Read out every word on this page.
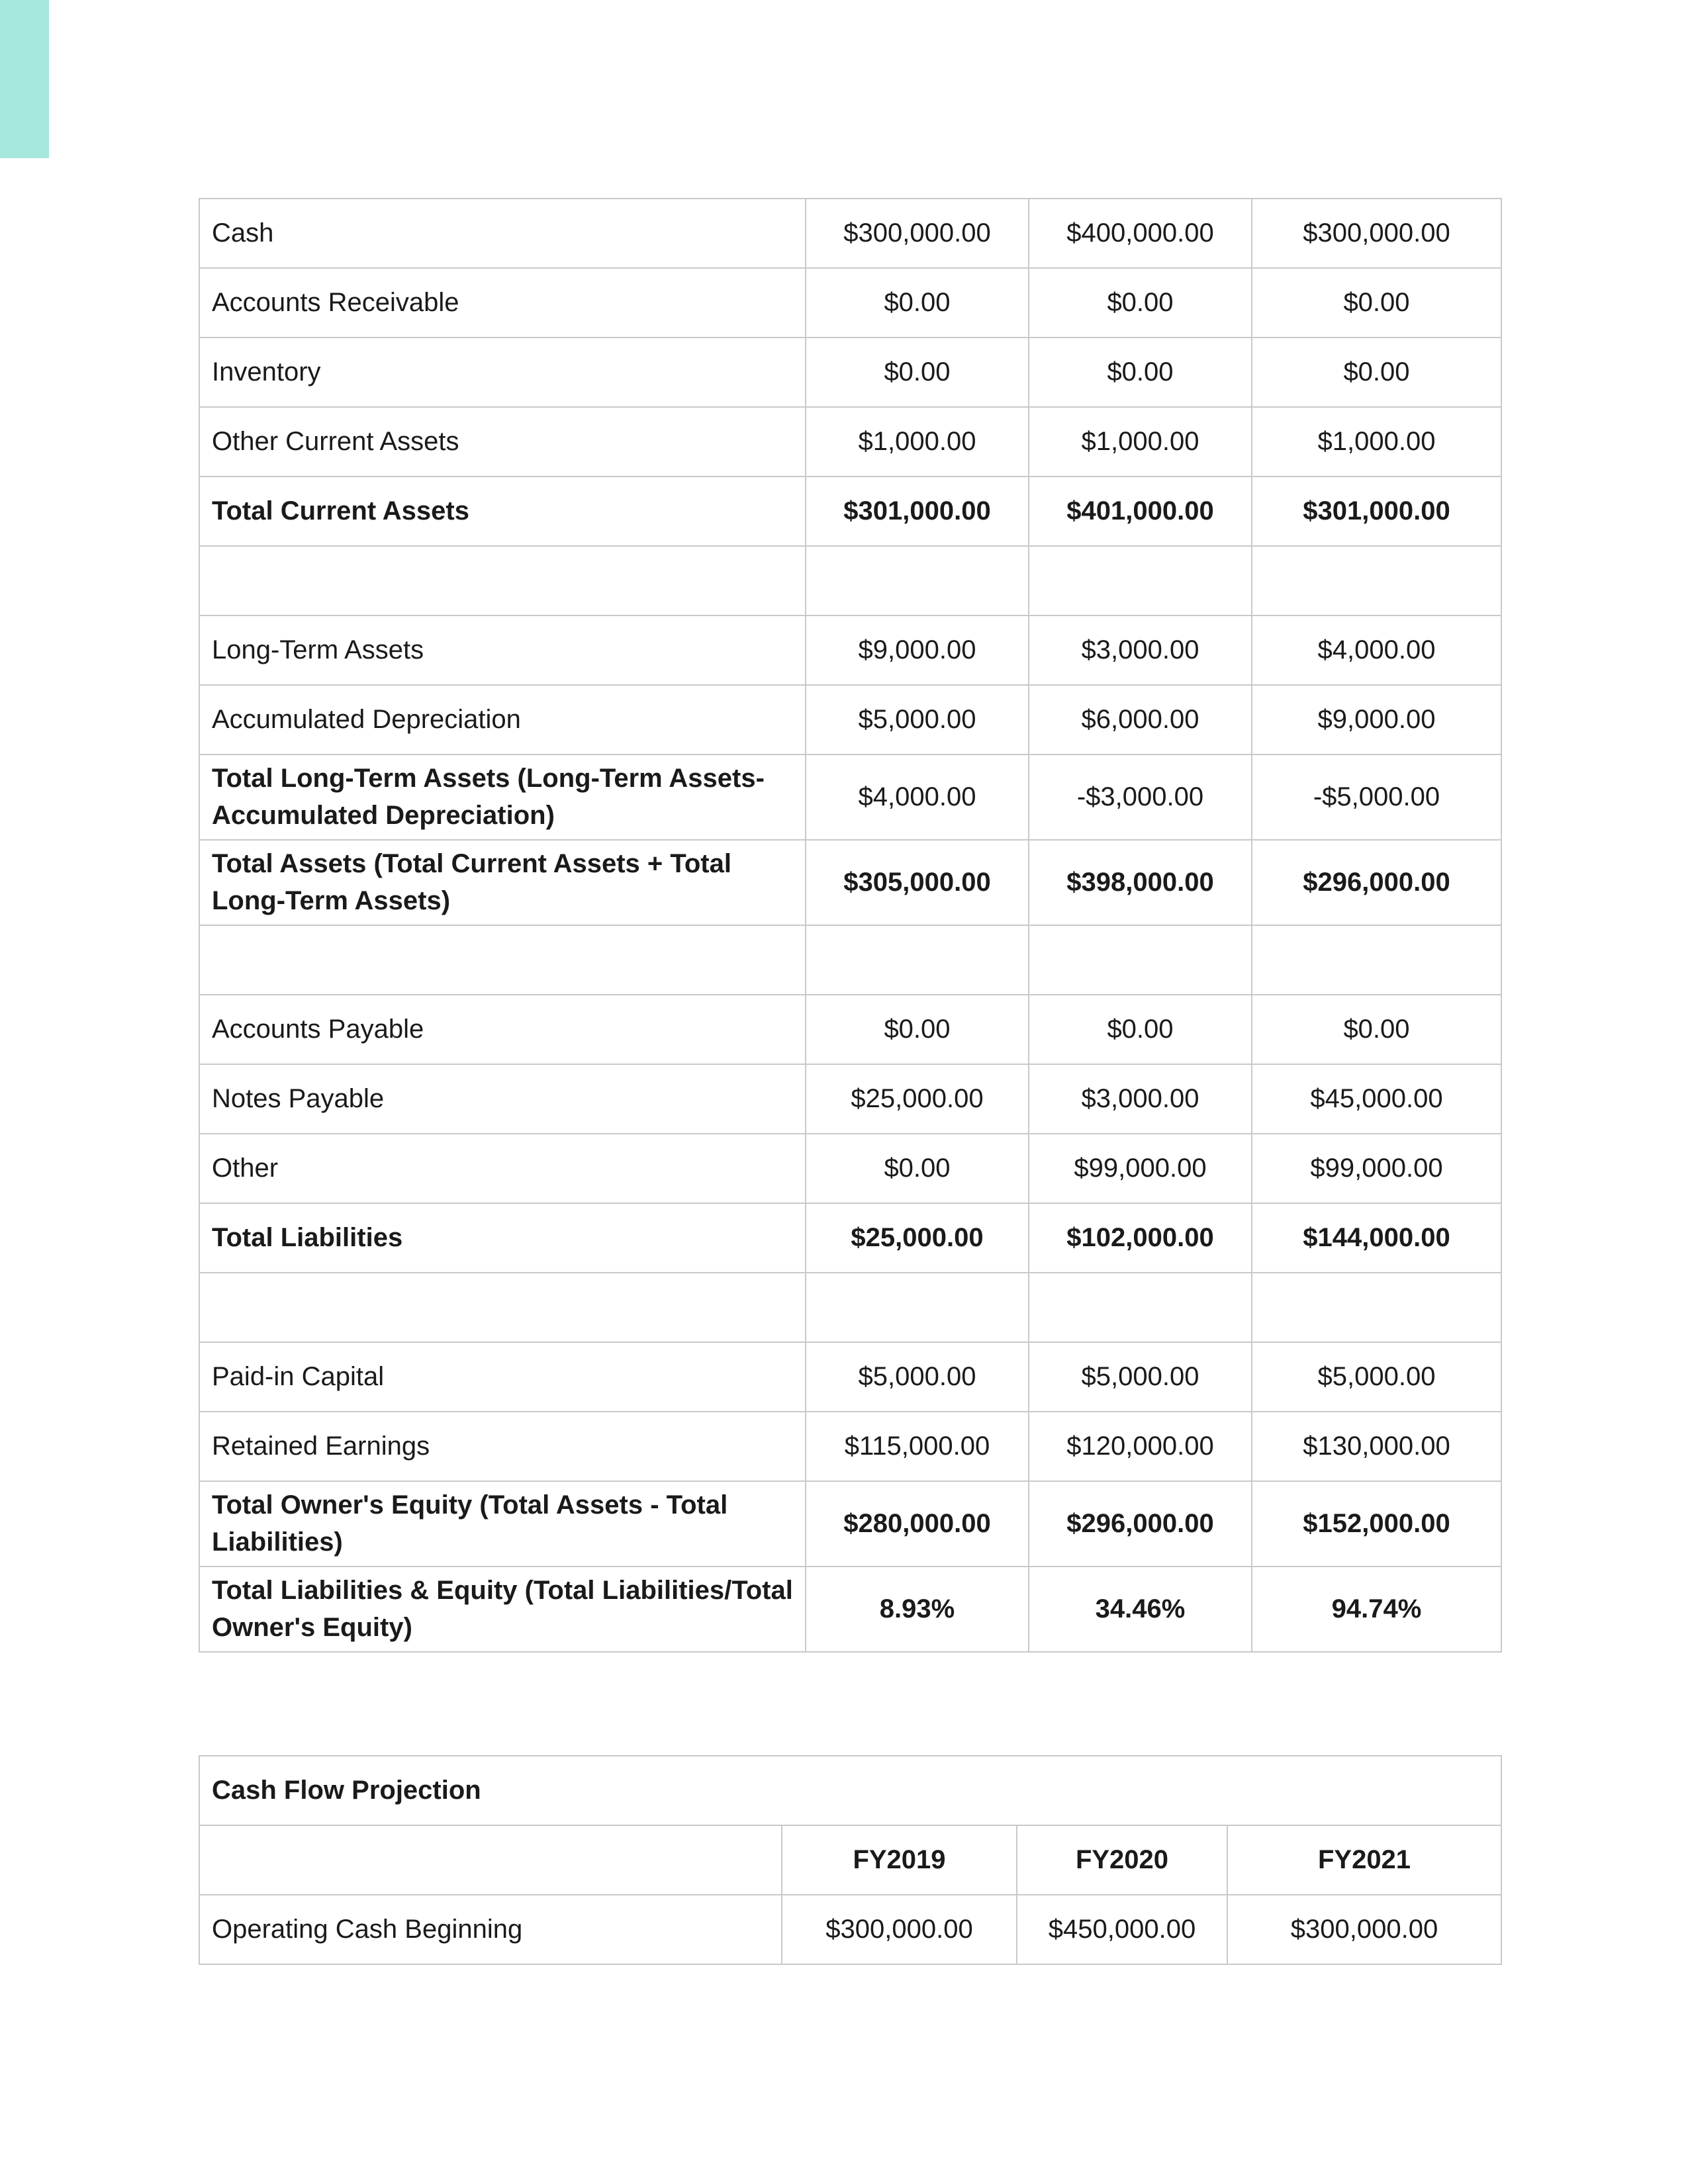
Cash	$300,000.00	$400,000.00	$300,000.00
Accounts Receivable	$0.00	$0.00	$0.00
Inventory	$0.00	$0.00	$0.00
Other Current Assets	$1,000.00	$1,000.00	$1,000.00
Total Current Assets	$301,000.00	$401,000.00	$301,000.00

Long-Term Assets	$9,000.00	$3,000.00	$4,000.00
Accumulated Depreciation	$5,000.00	$6,000.00	$9,000.00
Total Long-Term Assets (Long-Term Assets-Accumulated Depreciation)	$4,000.00	-$3,000.00	-$5,000.00
Total Assets (Total Current Assets + Total Long-Term Assets)	$305,000.00	$398,000.00	$296,000.00

Accounts Payable	$0.00	$0.00	$0.00
Notes Payable	$25,000.00	$3,000.00	$45,000.00
Other	$0.00	$99,000.00	$99,000.00
Total Liabilities	$25,000.00	$102,000.00	$144,000.00

Paid-in Capital	$5,000.00	$5,000.00	$5,000.00
Retained Earnings	$115,000.00	$120,000.00	$130,000.00
Total Owner's Equity (Total Assets - Total Liabilities)	$280,000.00	$296,000.00	$152,000.00
Total Liabilities & Equity (Total Liabilities/Total Owner's Equity)	8.93%	34.46%	94.74%
Cash Flow Projection			
	FY2019	FY2020	FY2021
Operating Cash Beginning	$300,000.00	$450,000.00	$300,000.00
